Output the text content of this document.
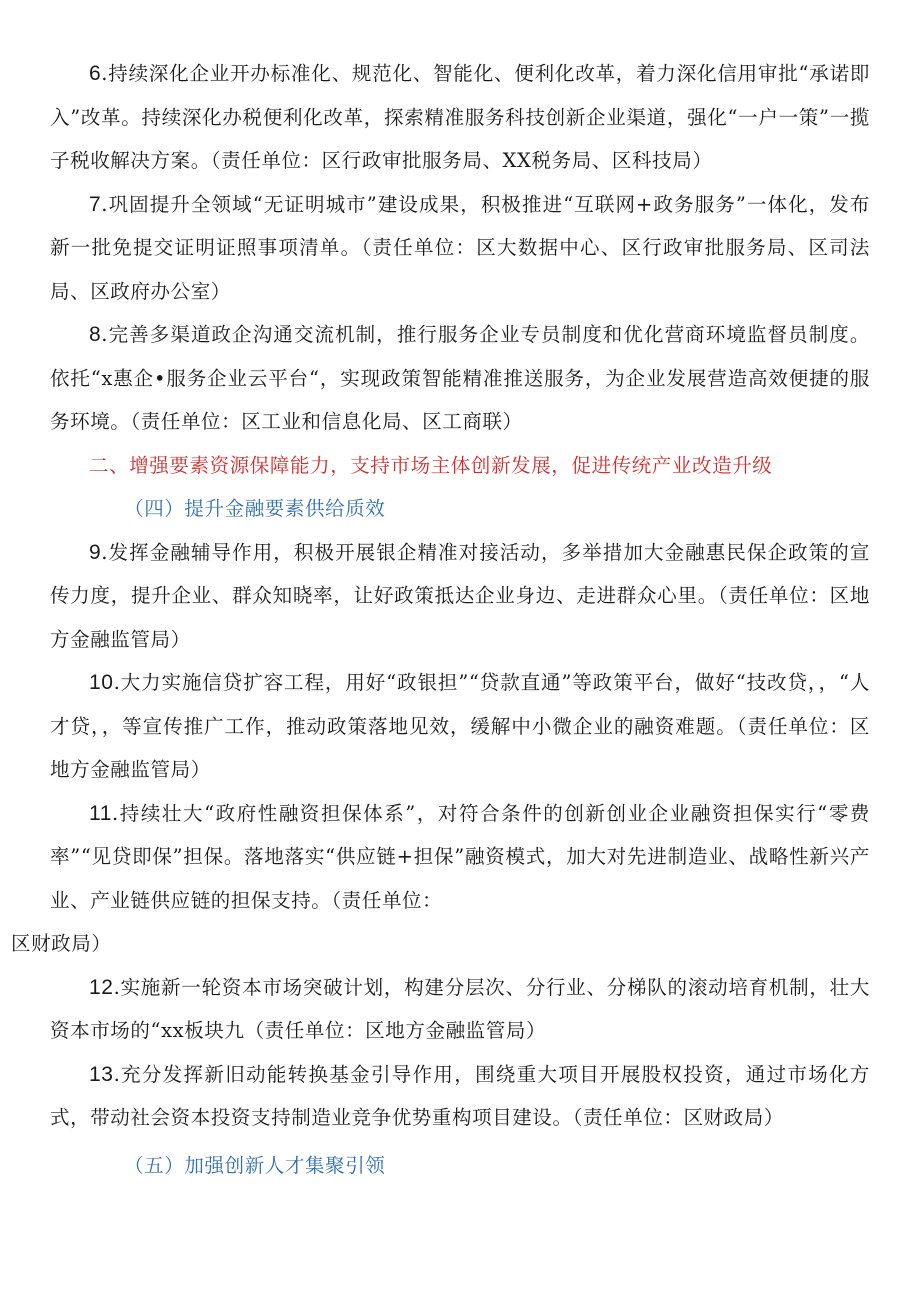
6.持续深化企业开办标准化、规范化、智能化、便利化改革，着力深化信用审批“承诺即入”改革。持续深化办税便利化改革，探索精准服务科技创新企业渠道，强化“一户一策”一揽子税收解决方案。（责任单位：区行政审批服务局、XX税务局、区科技局）

7.巩固提升全领域“无证明城市”建设成果，积极推进“互联网+政务服务”一体化，发布新一批免提交证明证照事项清单。（责任单位：区大数据中心、区行政审批服务局、区司法局、区政府办公室）

8.完善多渠道政企沟通交流机制，推行服务企业专员制度和优化营商环境监督员制度。依托“x惠企•服务企业云平台“，实现政策智能精准推送服务，为企业发展营造高效便捷的服务环境。（责任单位：区工业和信息化局、区工商联）

二、增强要素资源保障能力，支持市场主体创新发展，促进传统产业改造升级

（四）提升金融要素供给质效

9.发挥金融辅导作用，积极开展银企精准对接活动，多举措加大金融惠民保企政策的宣传力度，提升企业、群众知晓率，让好政策抵达企业身边、走进群众心里。（责任单位：区地方金融监管局）

10.大力实施信贷扩容工程，用好“政银担”“贷款直通”等政策平台，做好“技改贷，，“人才贷，，等宣传推广工作，推动政策落地见效，缓解中小微企业的融资难题。（责任单位：区地方金融监管局）

11.持续壮大“政府性融资担保体系”，对符合条件的创新创业企业融资担保实行“零费率”“见贷即保”担保。落地落实“供应链+担保”融资模式，加大对先进制造业、战略性新兴产业、产业链供应链的担保支持。（责任单位：
区财政局）

12.实施新一轮资本市场突破计划，构建分层次、分行业、分梯队的滚动培育机制，壮大资本市场的“xx板块九（责任单位：区地方金融监管局）

13.充分发挥新旧动能转换基金引导作用，围绕重大项目开展股权投资，通过市场化方式，带动社会资本投资支持制造业竞争优势重构项目建设。（责任单位：区财政局）

（五）加强创新人才集聚引领
